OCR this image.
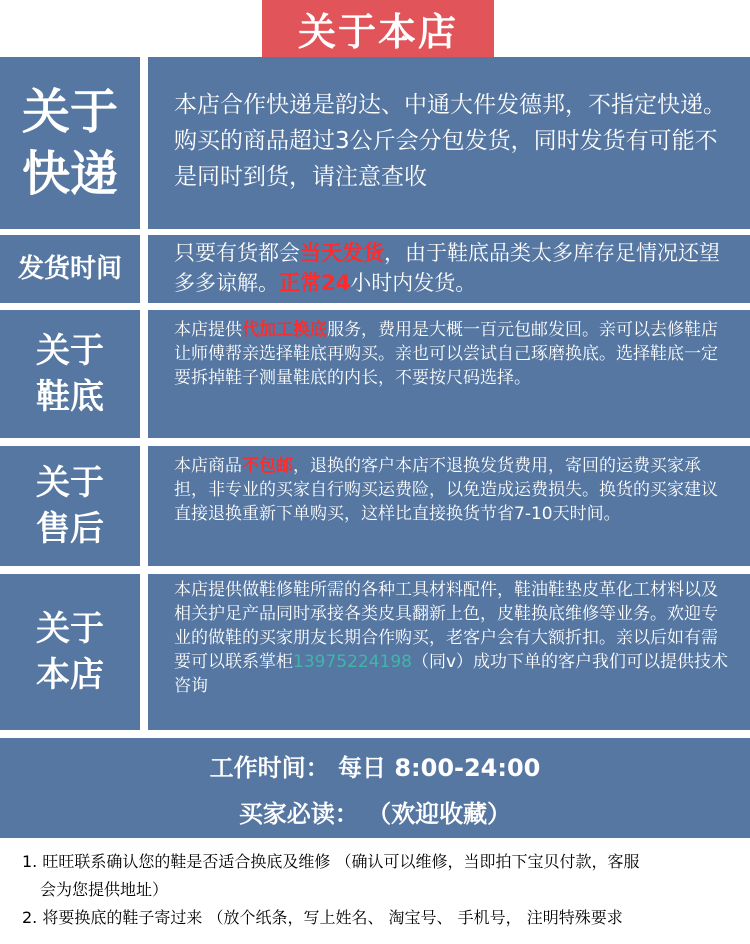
关于本店
关于
快递
本店合作快递是韵达、中通大件发德邦，不指定快递。购买的商品超过3公斤会分包发货，同时发货有可能不是同时到货，请注意查收
发货时间
只要有货都会当天发货，由于鞋底品类太多库存足情况还望多多谅解。正常24小时内发货。
关于
鞋底
本店提供代加工换底服务，费用是大概一百元包邮发回。亲可以去修鞋店让师傅帮亲选择鞋底再购买。亲也可以尝试自己琢磨换底。选择鞋底一定要拆掉鞋子测量鞋底的内长，不要按尺码选择。
关于
售后
本店商品不包邮，退换的客户本店不退换发货费用，寄回的运费买家承担，非专业的买家自行购买运费险，以免造成运费损失。换货的买家建议直接退换重新下单购买，这样比直接换货节省7-10天时间。
关于
本店
本店提供做鞋修鞋所需的各种工具材料配件，鞋油鞋垫皮革化工材料以及相关护足产品同时承接各类皮具翻新上色，皮鞋换底维修等业务。欢迎专业的做鞋的买家朋友长期合作购买，老客户会有大额折扣。亲以后如有需要可以联系掌柜13975224198（同v）成功下单的客户我们可以提供技术咨询
工作时间： 每日 8:00-24:00
买家必读： （欢迎收藏）
1. 旺旺联系确认您的鞋是否适合换底及维修 （确认可以维修，当即拍下宝贝付款，客服
会为您提供地址）
2. 将要换底的鞋子寄过来 （放个纸条，写上姓名、 淘宝号、 手机号， 注明特殊要求
